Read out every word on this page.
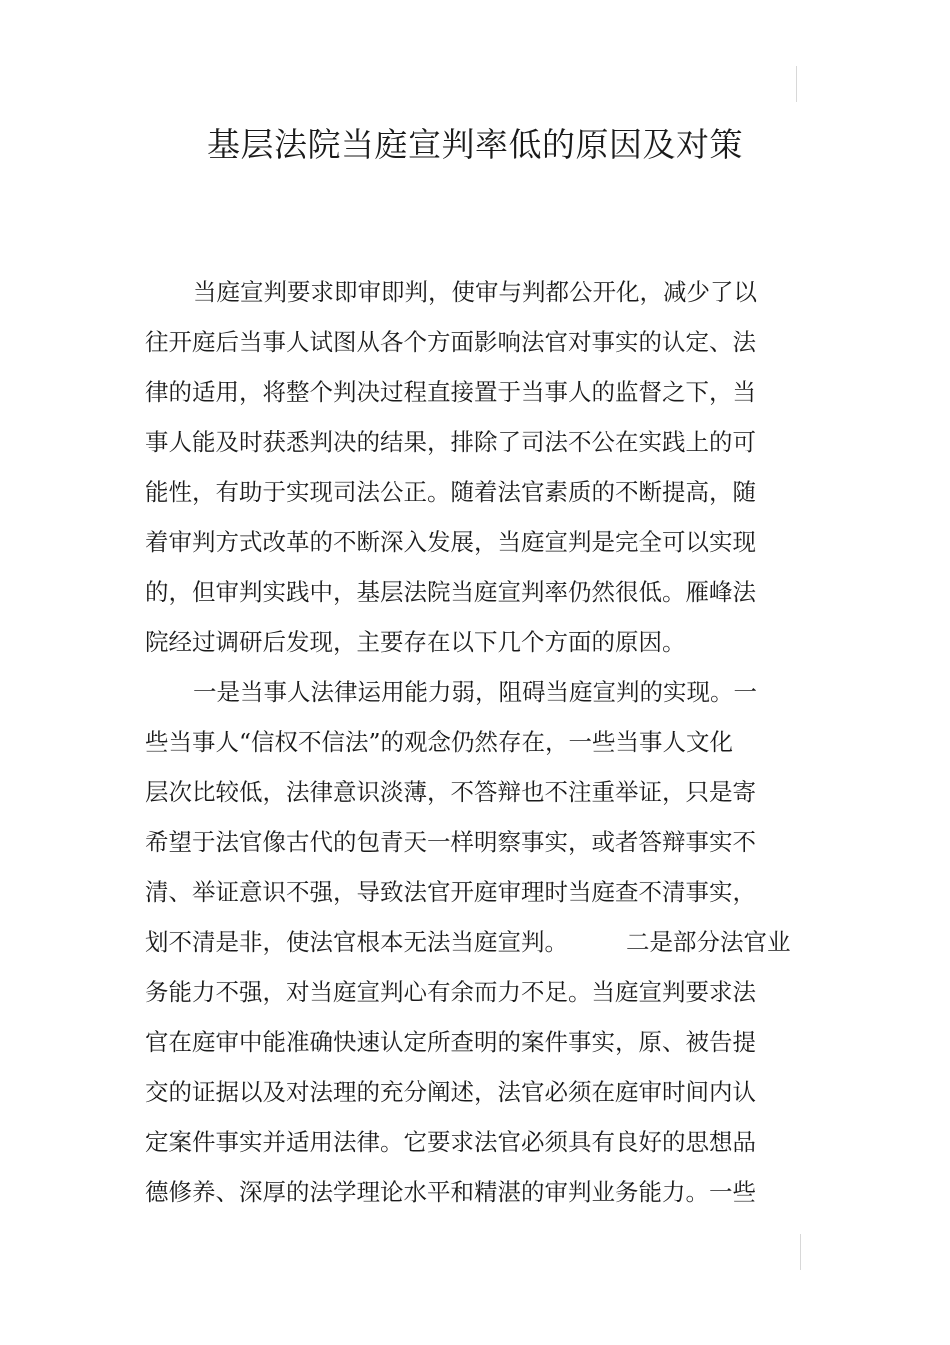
基层法院当庭宣判率低的原因及对策

当庭宣判要求即审即判，使审与判都公开化，减少了以

往开庭后当事人试图从各个方面影响法官对事实的认定、法

律的适用，将整个判决过程直接置于当事人的监督之下，当

事人能及时获悉判决的结果，排除了司法不公在实践上的可

能性，有助于实现司法公正。随着法官素质的不断提高，随

着审判方式改革的不断深入发展，当庭宣判是完全可以实现

的，但审判实践中，基层法院当庭宣判率仍然很低。雁峰法

院经过调研后发现，主要存在以下几个方面的原因。

一是当事人法律运用能力弱，阻碍当庭宣判的实现。一

些当事人“信权不信法”的观念仍然存在，一些当事人文化

层次比较低，法律意识淡薄，不答辩也不注重举证，只是寄

希望于法官像古代的包青天一样明察事实，或者答辩事实不

清、举证意识不强，导致法官开庭审理时当庭查不清事实，

划不清是非，使法官根本无法当庭宣判。 二是部分法官业

务能力不强，对当庭宣判心有余而力不足。当庭宣判要求法

官在庭审中能准确快速认定所查明的案件事实，原、被告提

交的证据以及对法理的充分阐述，法官必须在庭审时间内认

定案件事实并适用法律。它要求法官必须具有良好的思想品

德修养、深厚的法学理论水平和精湛的审判业务能力。一些
